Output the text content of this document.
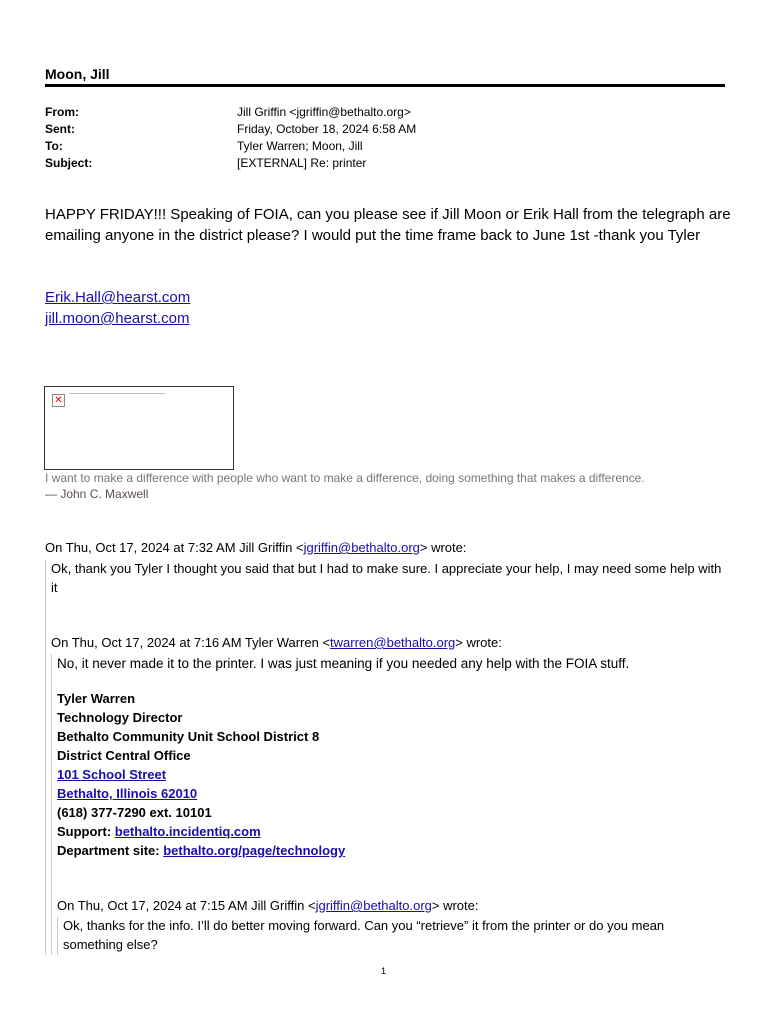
Moon, Jill
From:	Jill Griffin <jgriffin@bethalto.org>
Sent:	Friday, October 18, 2024 6:58 AM
To:	Tyler Warren; Moon, Jill
Subject:	[EXTERNAL] Re: printer
HAPPY FRIDAY!!! Speaking of FOIA, can you please see if Jill Moon or Erik Hall from the telegraph are emailing anyone in the district please? I would put the time frame back to June 1st -thank you Tyler
Erik.Hall@hearst.com
jill.moon@hearst.com
✕
I want to make a difference with people who want to make a difference, doing something that makes a difference.
— John C. Maxwell
On Thu, Oct 17, 2024 at 7:32 AM Jill Griffin <jgriffin@bethalto.org> wrote:
Ok, thank you Tyler I thought you said that but I had to make sure. I appreciate your help, I may need some help with it
On Thu, Oct 17, 2024 at 7:16 AM Tyler Warren <twarren@bethalto.org> wrote:
No, it never made it to the printer. I was just meaning if you needed any help with the FOIA stuff.
Tyler Warren
Technology Director
Bethalto Community Unit School District 8
District Central Office
101 School Street
Bethalto, Illinois 62010
(618) 377-7290 ext. 10101
Support: bethalto.incidentiq.com
Department site: bethalto.org/page/technology
On Thu, Oct 17, 2024 at 7:15 AM Jill Griffin <jgriffin@bethalto.org> wrote:
Ok, thanks for the info. I’ll do better moving forward. Can you “retrieve” it from the printer or do you mean something else?
1
